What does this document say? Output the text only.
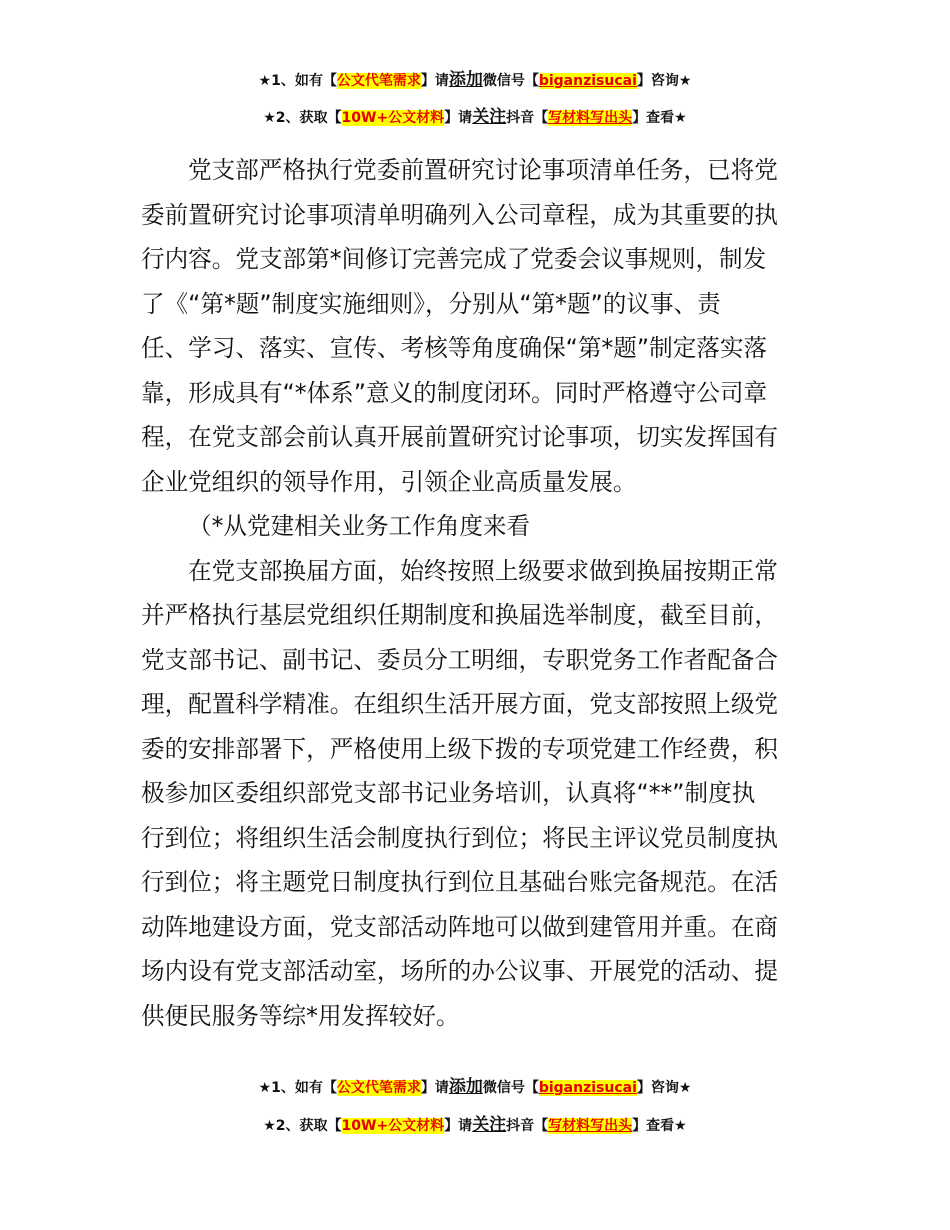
★1、如有【公文代笔需求】请添加微信号【biganzisucai】咨询★
★2、获取【10W+公文材料】请关注抖音【写材料写出头】查看★

党支部严格执行党委前置研究讨论事项清单任务，已将党
委前置研究讨论事项清单明确列入公司章程，成为其重要的执
行内容。党支部第*间修订完善完成了党委会议事规则，制发
了《“第*题”制度实施细则》，分别从“第*题”的议事、责
任、学习、落实、宣传、考核等角度确保“第*题”制定落实落
靠，形成具有“*体系”意义的制度闭环。同时严格遵守公司章
程，在党支部会前认真开展前置研究讨论事项，切实发挥国有
企业党组织的领导作用，引领企业高质量发展。

（*从党建相关业务工作角度来看

在党支部换届方面，始终按照上级要求做到换届按期正常
并严格执行基层党组织任期制度和换届选举制度，截至目前，
党支部书记、副书记、委员分工明细，专职党务工作者配备合
理，配置科学精准。在组织生活开展方面，党支部按照上级党
委的安排部署下，严格使用上级下拨的专项党建工作经费，积
极参加区委组织部党支部书记业务培训，认真将“**”制度执
行到位；将组织生活会制度执行到位；将民主评议党员制度执
行到位；将主题党日制度执行到位且基础台账完备规范。在活
动阵地建设方面，党支部活动阵地可以做到建管用并重。在商
场内设有党支部活动室，场所的办公议事、开展党的活动、提
供便民服务等综*用发挥较好。

★1、如有【公文代笔需求】请添加微信号【biganzisucai】咨询★
★2、获取【10W+公文材料】请关注抖音【写材料写出头】查看★
